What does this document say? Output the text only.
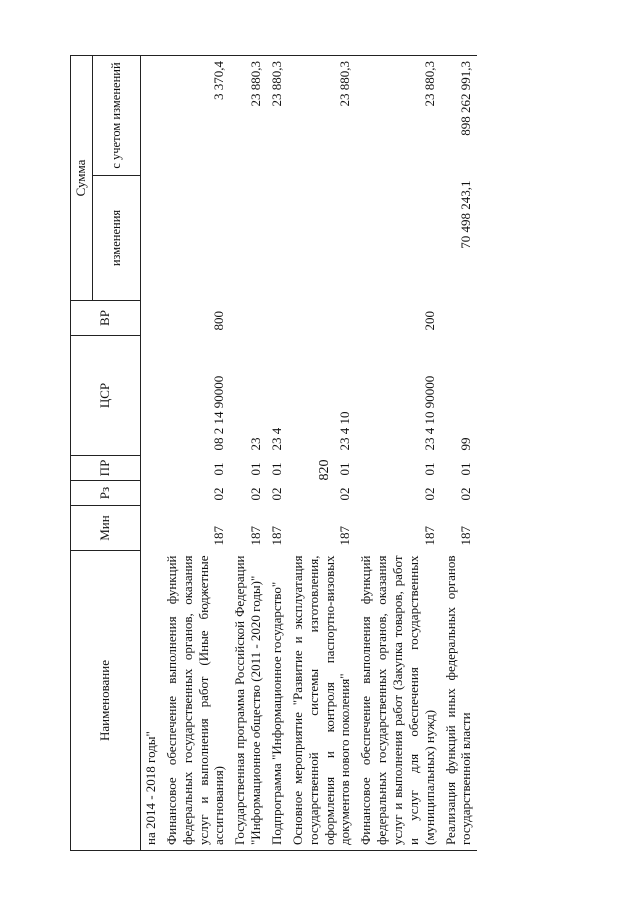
820
Наименование	Мин	Рз	ПР	ЦСР	ВР	Сумма	
						изменения	с учетом изменений
на 2014 - 2018 годы"							
Финансовое обеспечение выполнения функций федеральных государственных органов, оказания услуг и выполнения работ (Иные бюджетные ассигнования)	187	02	01	08 2 14 90000	800		3 370,4
Государственная программа Российской Федерации "Информационное общество (2011 - 2020 годы)"	187	02	01	23			23 880,3
Подпрограмма "Информационное государство"	187	02	01	23 4			23 880,3
Основное мероприятие "Развитие и эксплуатация государственной системы изготовления, оформления и контроля паспортно-визовых документов нового поколения"	187	02	01	23 4 10			23 880,3
Финансовое обеспечение выполнения функций федеральных государственных органов, оказания услуг и выполнения работ (Закупка товаров, работ и услуг для обеспечения государственных (муниципальных) нужд)	187	02	01	23 4 10 90000	200		23 880,3
Реализация функций иных федеральных органов государственной власти	187	02	01	99		70 498 243,1	898 262 991,3
